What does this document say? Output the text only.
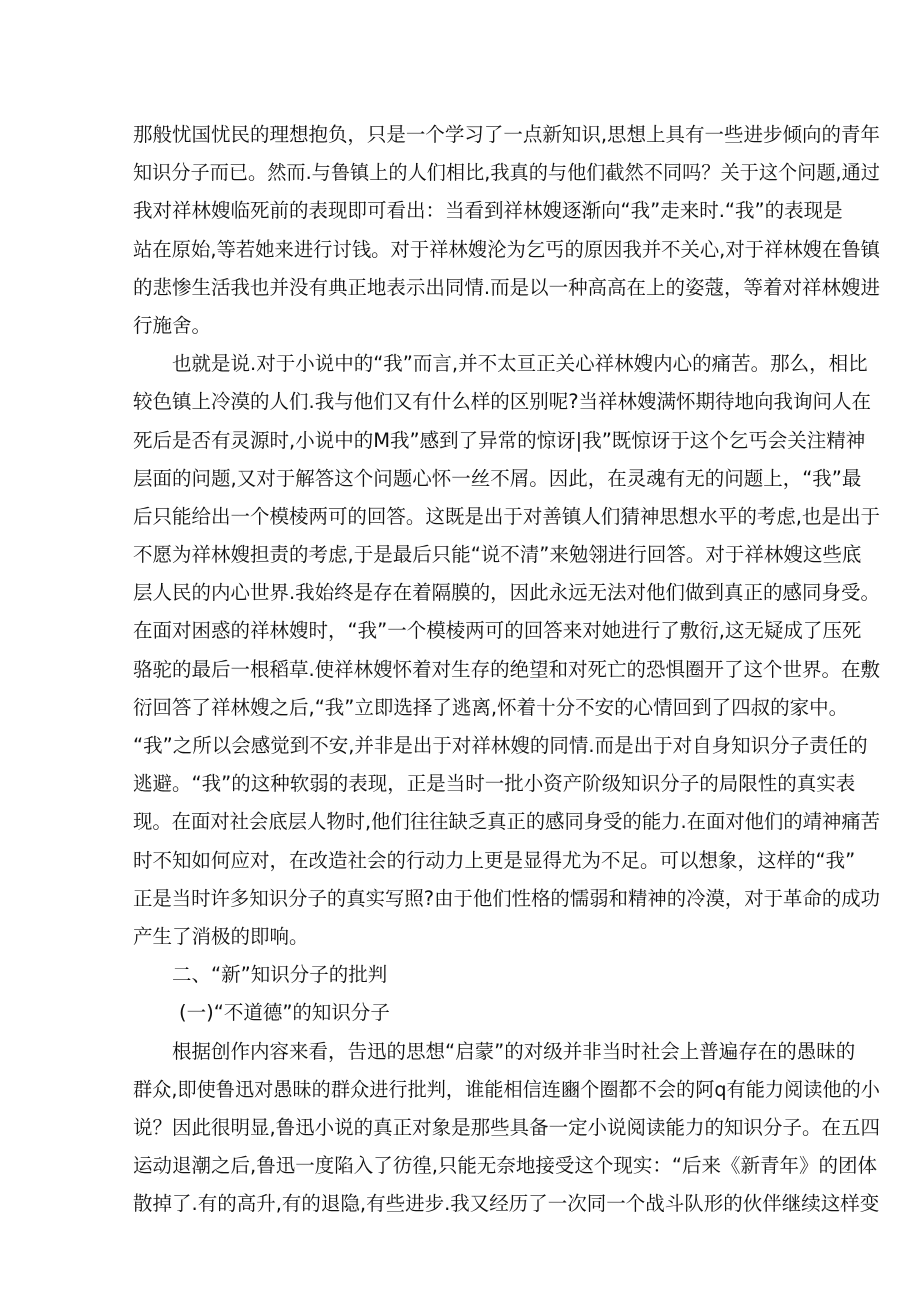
那般忧国忧民的理想抱负，只是一个学习了一点新知识,思想上具有一些进步倾向的青年
知识分子而已。然而.与鲁镇上的人们相比,我真的与他们截然不同吗？关于这个问题,通过
我对祥林嫂临死前的表现即可看出：当看到祥林嫂逐渐向“我”走来时.“我”的表现是
站在原始,等若她来进行讨钱。对于祥林嫂沦为乞丐的原因我并不关心,对于祥林嫂在鲁镇
的悲惨生活我也并没有典正地表示出同情.而是以一种高高在上的姿蔻，等着对祥林嫂进
行施舍。
也就是说.对于小说中的“我”而言,并不太亘正关心祥林嫂内心的痛苦。那么，相比
较色镇上冷漠的人们.我与他们又有什么样的区别呢?当祥林嫂满怀期待地向我询问人在
死后是否有灵源时,小说中的M我”感到了异常的惊讶|我”既惊讶于这个乞丐会关注精神
层面的问题,又对于解答这个问题心怀一丝不屑。因此，在灵魂有无的问题上，“我”最
后只能给出一个模棱两可的回答。这既是出于对善镇人们猜神思想水平的考虑,也是出于
不愿为祥林嫂担责的考虑,于是最后只能“说不清”来勉翎进行回答。对于祥林嫂这些底
层人民的内心世界.我始终是存在着隔膜的，因此永远无法对他们做到真正的感同身受。
在面对困惑的祥林嫂时，“我”一个模棱两可的回答来对她进行了敷衍,这无疑成了压死
骆驼的最后一根稻草.使祥林嫂怀着对生存的绝望和对死亡的恐惧圈开了这个世界。在敷
衍回答了祥林嫂之后,“我”立即选择了逃离,怀着十分不安的心情回到了四叔的家中。
“我”之所以会感觉到不安,并非是出于对祥林嫂的同情.而是出于对自身知识分子责任的
逃避。“我”的这种软弱的表现，正是当时一批小资产阶级知识分子的局限性的真实表
现。在面对社会底层人物时,他们往往缺乏真正的感同身受的能力.在面对他们的靖神痛苦
时不知如何应对，在改造社会的行动力上更是显得尤为不足。可以想象，这样的“我”
正是当时许多知识分子的真实写照?由于他们性格的懦弱和精神的冷漠，对于革命的成功
产生了消极的即响。
二、“新”知识分子的批判
(一)“不道德”的知识分子
根据创作内容来看，告迅的思想“启蒙”的对级并非当时社会上普遍存在的愚昧的
群众,即使鲁迅对愚昧的群众进行批判，谁能相信连豳个圈都不会的阿q有能力阅读他的小
说？因此很明显,鲁迅小说的真正对象是那些具备一定小说阅读能力的知识分子。在五四
运动退潮之后,鲁迅一度陷入了彷徨,只能无奈地接受这个现实：“后来《新青年》的团体
散掉了.有的高升,有的退隐,有些进步.我又经历了一次同一个战斗队形的伙伴继续这样变
